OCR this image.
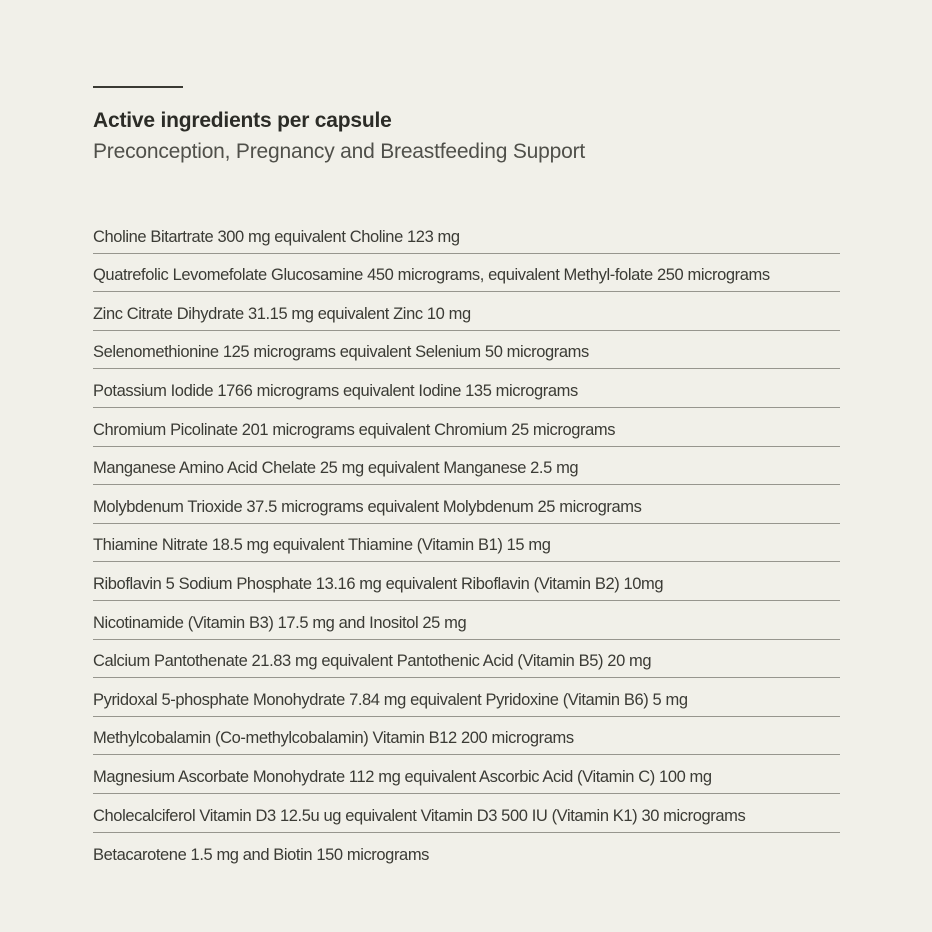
Active ingredients per capsule
Preconception, Pregnancy and Breastfeeding Support
Choline Bitartrate 300 mg equivalent Choline 123 mg
Quatrefolic Levomefolate Glucosamine 450 micrograms, equivalent Methyl-folate 250 micrograms
Zinc Citrate Dihydrate 31.15 mg equivalent Zinc 10 mg
Selenomethionine 125 micrograms equivalent Selenium 50 micrograms
Potassium Iodide 1766 micrograms equivalent Iodine 135 micrograms
Chromium Picolinate 201 micrograms equivalent Chromium 25 micrograms
Manganese Amino Acid Chelate 25 mg equivalent Manganese 2.5 mg
Molybdenum Trioxide 37.5 micrograms equivalent Molybdenum 25 micrograms
Thiamine Nitrate 18.5 mg equivalent Thiamine (Vitamin B1) 15 mg
Riboflavin 5 Sodium Phosphate 13.16 mg equivalent Riboflavin (Vitamin B2) 10mg
Nicotinamide (Vitamin B3) 17.5 mg and Inositol 25 mg
Calcium Pantothenate 21.83 mg equivalent Pantothenic Acid (Vitamin B5) 20 mg
Pyridoxal 5-phosphate Monohydrate 7.84 mg equivalent Pyridoxine (Vitamin B6) 5 mg
Methylcobalamin (Co-methylcobalamin) Vitamin B12 200 micrograms
Magnesium Ascorbate Monohydrate 112 mg equivalent Ascorbic Acid (Vitamin C) 100 mg
Cholecalciferol Vitamin D3 12.5u ug equivalent Vitamin D3 500 IU (Vitamin K1) 30 micrograms
Betacarotene 1.5 mg and Biotin 150 micrograms
